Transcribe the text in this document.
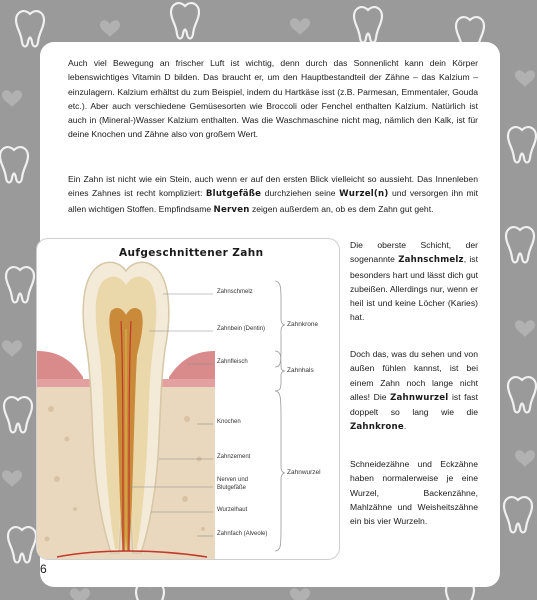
Auch viel Bewegung an frischer Luft ist wichtig, denn durch das Sonnenlicht kann dein Körper lebenswichtiges Vitamin D bilden. Das braucht er, um den Hauptbestandteil der Zähne – das Kalzium – einzulagern. Kalzium erhältst du zum Beispiel, indem du Hartkäse isst (z.B. Parmesan, Emmentaler, Gouda etc.). Aber auch verschiedene Gemüsesorten wie Broccoli oder Fenchel enthalten Kalzium. Natürlich ist auch in (Mineral-)Wasser Kalzium enthalten. Was die Waschmaschine nicht mag, nämlich den Kalk, ist für deine Knochen und Zähne also von großem Wert.

Ein Zahn ist nicht wie ein Stein, auch wenn er auf den ersten Blick vielleicht so aussieht. Das Innenleben eines Zahnes ist recht kompliziert: Blutgefäße durchziehen seine Wurzel(n) und versorgen ihn mit allen wichtigen Stoffen. Empfindsame Nerven zeigen außerdem an, ob es dem Zahn gut geht.

Aufgeschnittener Zahn
Zahnschmelz
Zahnbein (Dentin)
Zahnfleisch
Knochen
Zahnzement
Nerven und
Blutgefäße
Wurzelhaut
Zahnfach (Alveole)
Zahnkrone
Zahnhals
Zahnwurzel

Die oberste Schicht, der sogenannte Zahnschmelz, ist besonders hart und lässt dich gut zubeißen. Allerdings nur, wenn er heil ist und keine Löcher (Karies) hat.

Doch das, was du sehen und von außen fühlen kannst, ist bei einem Zahn noch lange nicht alles! Die Zahnwurzel ist fast doppelt so lang wie die Zahnkrone.

Schneidezähne und Eckzähne haben normalerweise je eine Wurzel, Backenzähne, Mahlzähne und Weisheitszähne ein bis vier Wurzeln.

6
